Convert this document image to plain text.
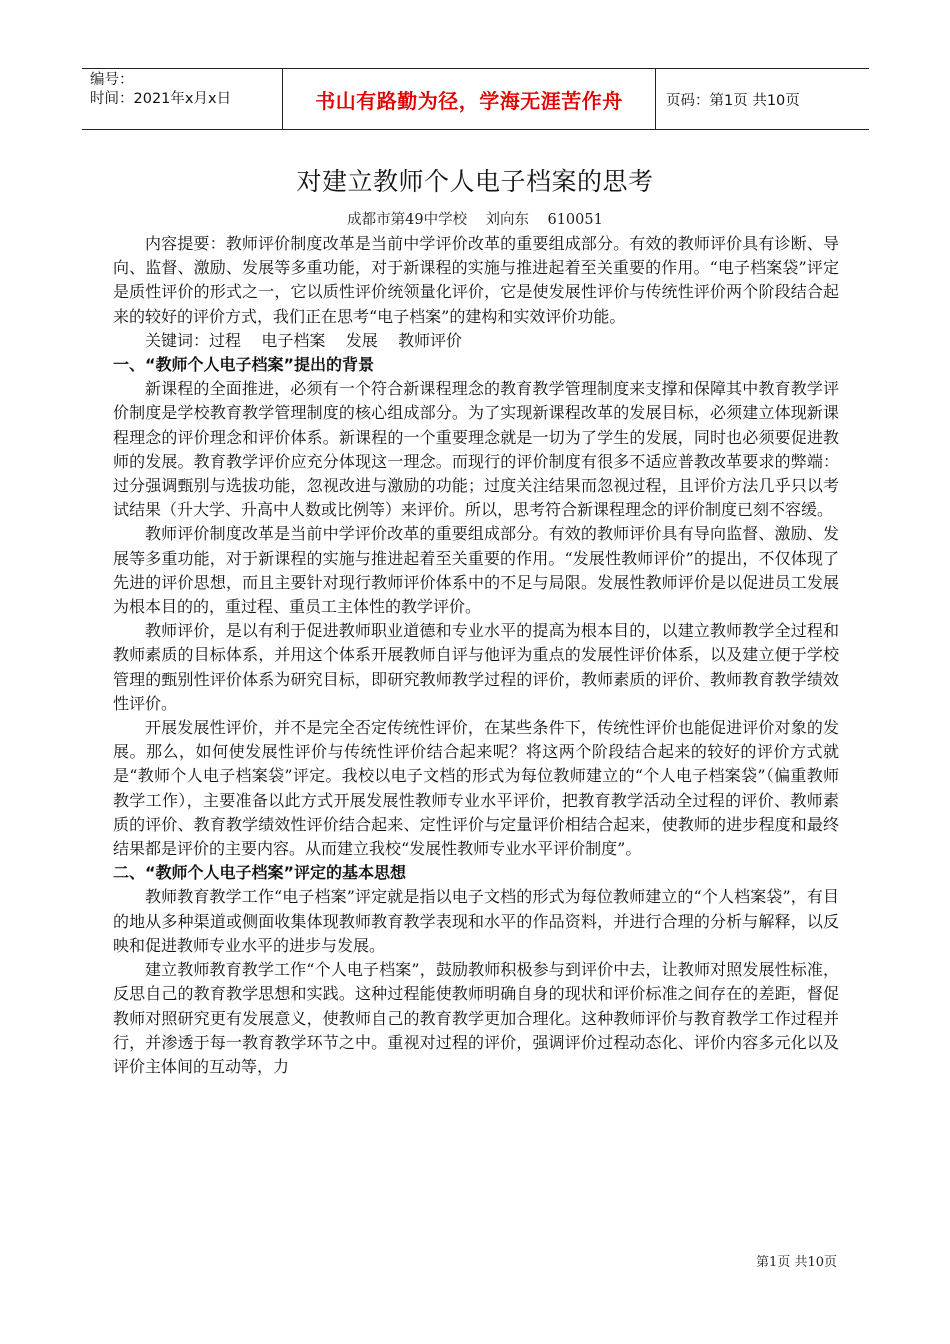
编号：
时间：2021年x月x日	书山有路勤为径，学海无涯苦作舟	页码：第1页 共10页
对建立教师个人电子档案的思考
成都市第49中学校    刘向东    610051

内容提要：教师评价制度改革是当前中学评价改革的重要组成部分。有效的教师评价具有诊断、导向、监督、激励、发展等多重功能，对于新课程的实施与推进起着至关重要的作用。“电子档案袋”评定是质性评价的形式之一，它以质性评价统领量化评价，它是使发展性评价与传统性评价两个阶段结合起来的较好的评价方式，我们正在思考“电子档案”的建构和实效评价功能。

关键词：过程    电子档案    发展    教师评价

一、“教师个人电子档案”提出的背景

新课程的全面推进，必须有一个符合新课程理念的教育教学管理制度来支撑和保障其中教育教学评价制度是学校教育教学管理制度的核心组成部分。为了实现新课程改革的发展目标，必须建立体现新课程理念的评价理念和评价体系。新课程的一个重要理念就是一切为了学生的发展，同时也必须要促进教师的发展。教育教学评价应充分体现这一理念。而现行的评价制度有很多不适应普教改革要求的弊端：过分强调甄别与选拔功能，忽视改进与激励的功能；过度关注结果而忽视过程，且评价方法几乎只以考试结果（升大学、升高中人数或比例等）来评价。所以，思考符合新课程理念的评价制度已刻不容缓。

教师评价制度改革是当前中学评价改革的重要组成部分。有效的教师评价具有导向监督、激励、发展等多重功能，对于新课程的实施与推进起着至关重要的作用。“发展性教师评价”的提出，不仅体现了先进的评价思想，而且主要针对现行教师评价体系中的不足与局限。发展性教师评价是以促进员工发展为根本目的的，重过程、重员工主体性的教学评价。

教师评价，是以有利于促进教师职业道德和专业水平的提高为根本目的，以建立教师教学全过程和教师素质的目标体系，并用这个体系开展教师自评与他评为重点的发展性评价体系，以及建立便于学校管理的甄别性评价体系为研究目标，即研究教师教学过程的评价，教师素质的评价、教师教育教学绩效性评价。

开展发展性评价，并不是完全否定传统性评价，在某些条件下，传统性评价也能促进评价对象的发展。那么，如何使发展性评价与传统性评价结合起来呢？将这两个阶段结合起来的较好的评价方式就是“教师个人电子档案袋”评定。我校以电子文档的形式为每位教师建立的“个人电子档案袋”（偏重教师教学工作），主要准备以此方式开展发展性教师专业水平评价，把教育教学活动全过程的评价、教师素质的评价、教育教学绩效性评价结合起来、定性评价与定量评价相结合起来，使教师的进步程度和最终结果都是评价的主要内容。从而建立我校“发展性教师专业水平评价制度”。

二、“教师个人电子档案”评定的基本思想

教师教育教学工作“电子档案”评定就是指以电子文档的形式为每位教师建立的“个人档案袋”，有目的地从多种渠道或侧面收集体现教师教育教学表现和水平的作品资料，并进行合理的分析与解释，以反映和促进教师专业水平的进步与发展。

建立教师教育教学工作“个人电子档案”，鼓励教师积极参与到评价中去，让教师对照发展性标准，反思自己的教育教学思想和实践。这种过程能使教师明确自身的现状和评价标准之间存在的差距，督促教师对照研究更有发展意义，使教师自己的教育教学更加合理化。这种教师评价与教育教学工作过程并行，并渗透于每一教育教学环节之中。重视对过程的评价，强调评价过程动态化、评价内容多元化以及评价主体间的互动等，力

第1页 共10页
